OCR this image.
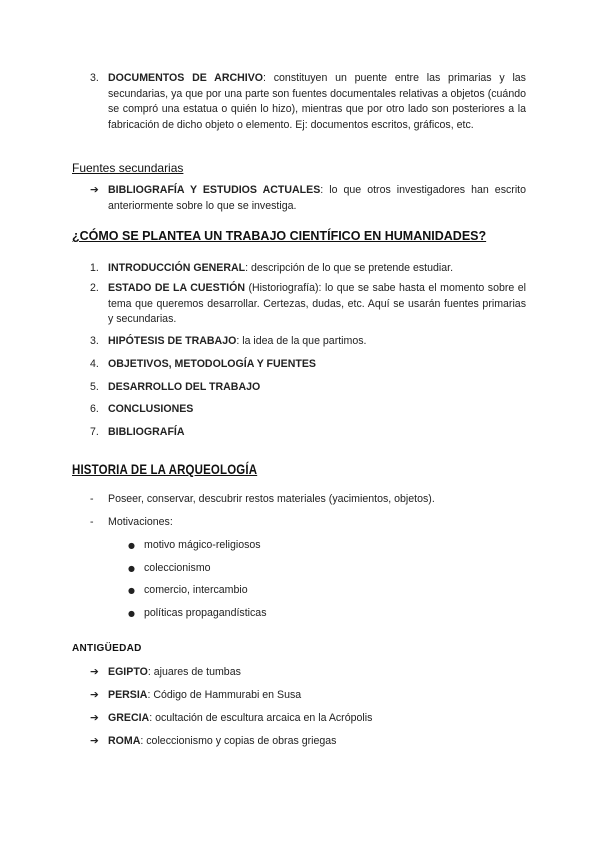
3. DOCUMENTOS DE ARCHIVO: constituyen un puente entre las primarias y las secundarias, ya que por una parte son fuentes documentales relativas a objetos (cuándo se compró una estatua o quién lo hizo), mientras que por otro lado son posteriores a la fabricación de dicho objeto o elemento. Ej: documentos escritos, gráficos, etc.
Fuentes secundarias
➔ BIBLIOGRAFÍA Y ESTUDIOS ACTUALES: lo que otros investigadores han escrito anteriormente sobre lo que se investiga.
¿CÓMO SE PLANTEA UN TRABAJO CIENTÍFICO EN HUMANIDADES?
1. INTRODUCCIÓN GENERAL: descripción de lo que se pretende estudiar.
2. ESTADO DE LA CUESTIÓN (Historiografía): lo que se sabe hasta el momento sobre el tema que queremos desarrollar. Certezas, dudas, etc. Aquí se usarán fuentes primarias y secundarias.
3. HIPÓTESIS DE TRABAJO: la idea de la que partimos.
4. OBJETIVOS, METODOLOGÍA Y FUENTES
5. DESARROLLO DEL TRABAJO
6. CONCLUSIONES
7. BIBLIOGRAFÍA
HISTORIA DE LA ARQUEOLOGÍA
- Poseer, conservar, descubrir restos materiales (yacimientos, objetos).
- Motivaciones:
● motivo mágico-religiosos
● coleccionismo
● comercio, intercambio
● políticas propagandísticas
ANTIGÜEDAD
➔ EGIPTO: ajuares de tumbas
➔ PERSIA: Código de Hammurabi en Susa
➔ GRECIA: ocultación de escultura arcaica en la Acrópolis
➔ ROMA: coleccionismo y copias de obras griegas
